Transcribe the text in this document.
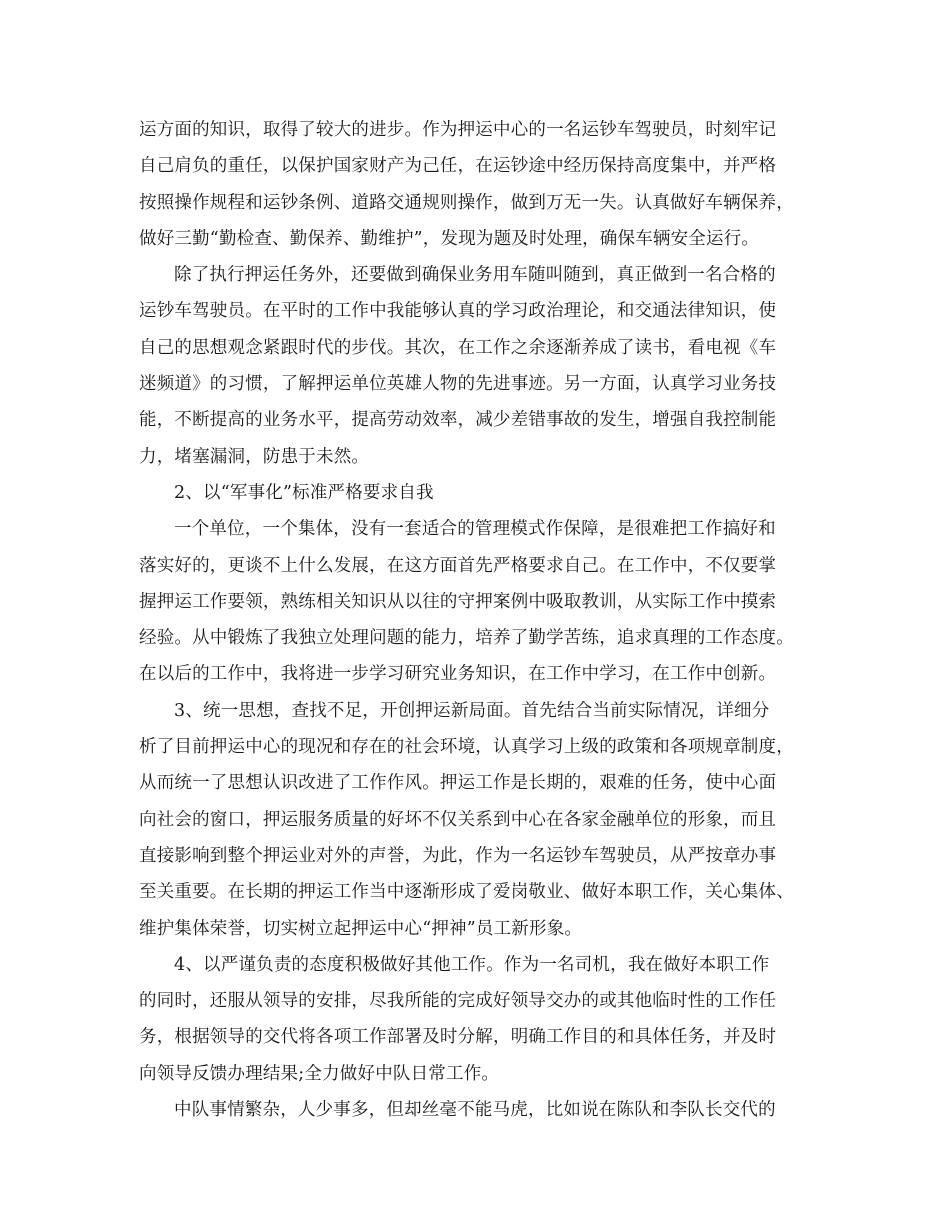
运方面的知识，取得了较大的进步。作为押运中心的一名运钞车驾驶员，时刻牢记
自己肩负的重任，以保护国家财产为己任，在运钞途中经历保持高度集中，并严格
按照操作规程和运钞条例、道路交通规则操作，做到万无一失。认真做好车辆保养，
做好三勤“勤检查、勤保养、勤维护”，发现为题及时处理，确保车辆安全运行。
除了执行押运任务外，还要做到确保业务用车随叫随到，真正做到一名合格的
运钞车驾驶员。在平时的工作中我能够认真的学习政治理论，和交通法律知识，使
自己的思想观念紧跟时代的步伐。其次，在工作之余逐渐养成了读书，看电视《车
迷频道》的习惯，了解押运单位英雄人物的先进事迹。另一方面，认真学习业务技
能，不断提高的业务水平，提高劳动效率，减少差错事故的发生，增强自我控制能
力，堵塞漏洞，防患于未然。
2、以“军事化”标准严格要求自我
一个单位，一个集体，没有一套适合的管理模式作保障，是很难把工作搞好和
落实好的，更谈不上什么发展，在这方面首先严格要求自己。在工作中，不仅要掌
握押运工作要领，熟练相关知识从以往的守押案例中吸取教训，从实际工作中摸索
经验。从中锻炼了我独立处理问题的能力，培养了勤学苦练，追求真理的工作态度。
在以后的工作中，我将进一步学习研究业务知识，在工作中学习，在工作中创新。
3、统一思想，查找不足，开创押运新局面。首先结合当前实际情况，详细分
析了目前押运中心的现况和存在的社会环境，认真学习上级的政策和各项规章制度，
从而统一了思想认识改进了工作作风。押运工作是长期的，艰难的任务，使中心面
向社会的窗口，押运服务质量的好坏不仅关系到中心在各家金融单位的形象，而且
直接影响到整个押运业对外的声誉，为此，作为一名运钞车驾驶员，从严按章办事
至关重要。在长期的押运工作当中逐渐形成了爱岗敬业、做好本职工作，关心集体、
维护集体荣誉，切实树立起押运中心“押神”员工新形象。
4、以严谨负责的态度积极做好其他工作。作为一名司机，我在做好本职工作
的同时，还服从领导的安排，尽我所能的完成好领导交办的或其他临时性的工作任
务，根据领导的交代将各项工作部署及时分解，明确工作目的和具体任务，并及时
向领导反馈办理结果;全力做好中队日常工作。
中队事情繁杂，人少事多，但却丝毫不能马虎，比如说在陈队和李队长交代的
